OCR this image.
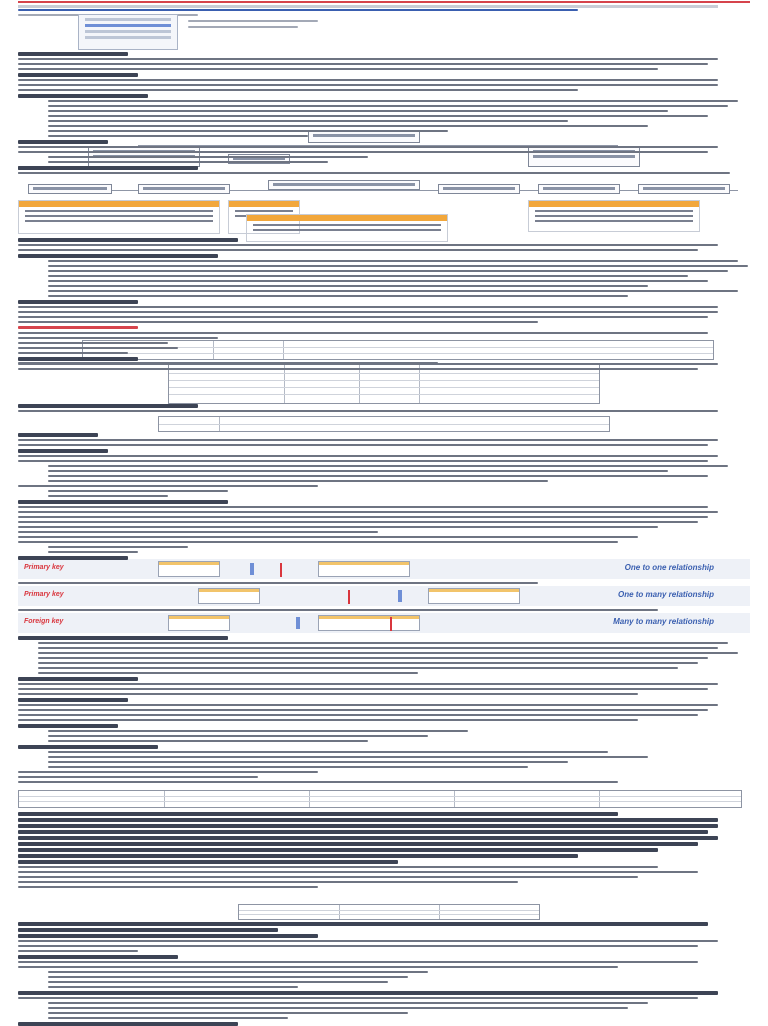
Primary key	One to one relationship
Primary key	One to many relationship
Foreign key	Many to many relationship
